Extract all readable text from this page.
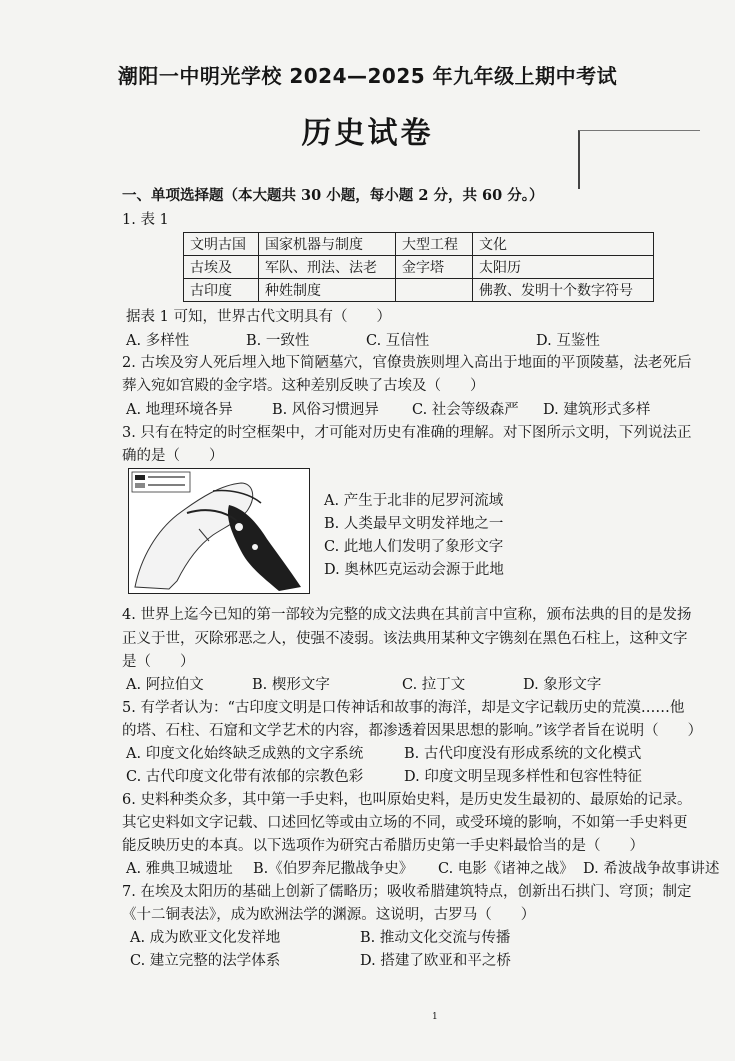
潮阳一中明光学校 2024—2025 年九年级上期中考试
历史试卷
一、单项选择题（本大题共 30 小题，每小题 2 分，共 60 分。）
1. 表 1
文明古国	国家机器与制度	大型工程	文化
古埃及	军队、刑法、法老	金字塔	太阳历
古印度	种姓制度		佛教、发明十个数字符号
据表 1 可知，世界古代文明具有（　　）
A. 多样性	B. 一致性	C. 互信性	D. 互鉴性
2. 古埃及穷人死后埋入地下简陋墓穴，官僚贵族则埋入高出于地面的平顶陵墓，法老死后
葬入宛如宫殿的金字塔。这种差别反映了古埃及（　　）
A. 地理环境各异	B. 风俗习惯迥异 C. 社会等级森严 D. 建筑形式多样
3. 只有在特定的时空框架中，才可能对历史有准确的理解。对下图所示文明，下列说法正
确的是（　　）
A. 产生于北非的尼罗河流域
B. 人类最早文明发祥地之一
C. 此地人们发明了象形文字
D. 奥林匹克运动会源于此地
4. 世界上迄今已知的第一部较为完整的成文法典在其前言中宣称，颁布法典的目的是发扬
正义于世，灭除邪恶之人，使强不凌弱。该法典用某种文字镌刻在黑色石柱上，这种文字
是（　　）
A. 阿拉伯文	B. 楔形文字	C. 拉丁文	D. 象形文字
5. 有学者认为：“古印度文明是口传神话和故事的海洋，却是文字记载历史的荒漠……他
的塔、石柱、石窟和文学艺术的内容，都渗透着因果思想的影响。”该学者旨在说明（　　）
A. 印度文化始终缺乏成熟的文字系统	B. 古代印度没有形成系统的文化模式
C. 古代印度文化带有浓郁的宗教色彩	D. 印度文明呈现多样性和包容性特征
6. 史料种类众多，其中第一手史料，也叫原始史料，是历史发生最初的、最原始的记录。
其它史料如文字记载、口述回忆等或由立场的不同，或受环境的影响，不如第一手史料更
能反映历史的本真。以下选项作为研究古希腊历史第一手史料最恰当的是（　　）
A. 雅典卫城遗址 B.《伯罗奔尼撒战争史》 C. 电影《诸神之战》 D. 希波战争故事讲述
7. 在埃及太阳历的基础上创新了儒略历；吸收希腊建筑特点，创新出石拱门、穹顶；制定
《十二铜表法》，成为欧洲法学的渊源。这说明，古罗马（　　）
A. 成为欧亚文化发祥地	B. 推动文化交流与传播
C. 建立完整的法学体系	D. 搭建了欧亚和平之桥
1
